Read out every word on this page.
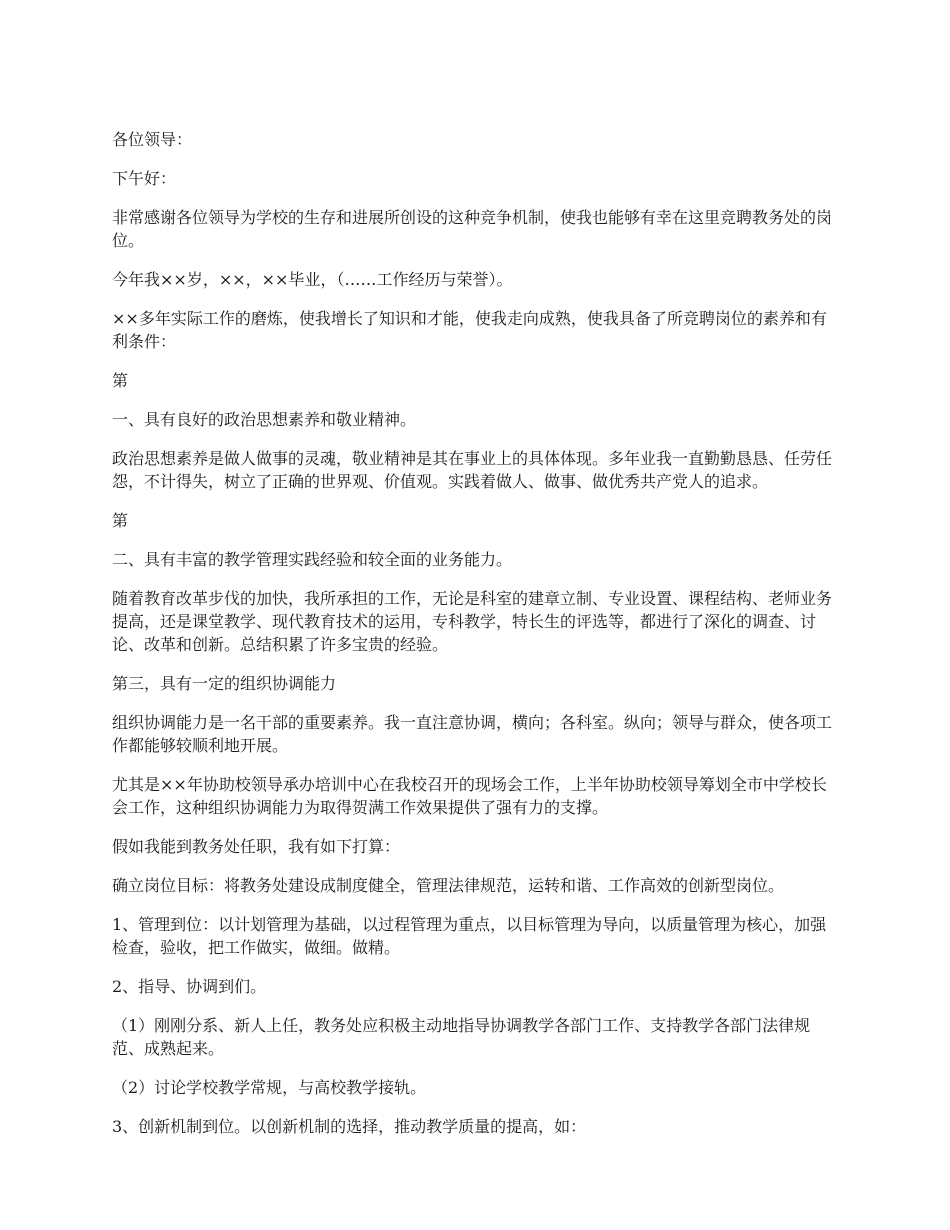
各位领导：

下午好：

非常感谢各位领导为学校的生存和进展所创设的这种竞争机制，使我也能够有幸在这里竞聘教务处的岗位。

今年我××岁，××，××毕业，（……工作经历与荣誉）。

××多年实际工作的磨炼，使我增长了知识和才能，使我走向成熟，使我具备了所竞聘岗位的素养和有利条件：

第

一、具有良好的政治思想素养和敬业精神。

政治思想素养是做人做事的灵魂，敬业精神是其在事业上的具体体现。多年业我一直勤勤恳恳、任劳任怨，不计得失，树立了正确的世界观、价值观。实践着做人、做事、做优秀共产党人的追求。

第

二、具有丰富的教学管理实践经验和较全面的业务能力。

随着教育改革步伐的加快，我所承担的工作，无论是科室的建章立制、专业设置、课程结构、老师业务提高，还是课堂教学、现代教育技术的运用，专科教学，特长生的评选等，都进行了深化的调查、讨论、改革和创新。总结积累了许多宝贵的经验。

第三，具有一定的组织协调能力

组织协调能力是一名干部的重要素养。我一直注意协调，横向；各科室。纵向；领导与群众，使各项工作都能够较顺利地开展。

尤其是××年协助校领导承办培训中心在我校召开的现场会工作，上半年协助校领导筹划全市中学校长会工作，这种组织协调能力为取得贺满工作效果提供了强有力的支撑。

假如我能到教务处任职，我有如下打算：

确立岗位目标：将教务处建设成制度健全，管理法律规范，运转和谐、工作高效的创新型岗位。

1、管理到位：以计划管理为基础，以过程管理为重点，以目标管理为导向，以质量管理为核心，加强检查，验收，把工作做实，做细。做精。

2、指导、协调到们。

（1）刚刚分系、新人上任，教务处应积极主动地指导协调教学各部门工作、支持教学各部门法律规范、成熟起来。

（2）讨论学校教学常规，与高校教学接轨。

3、创新机制到位。以创新机制的选择，推动教学质量的提高，如：
